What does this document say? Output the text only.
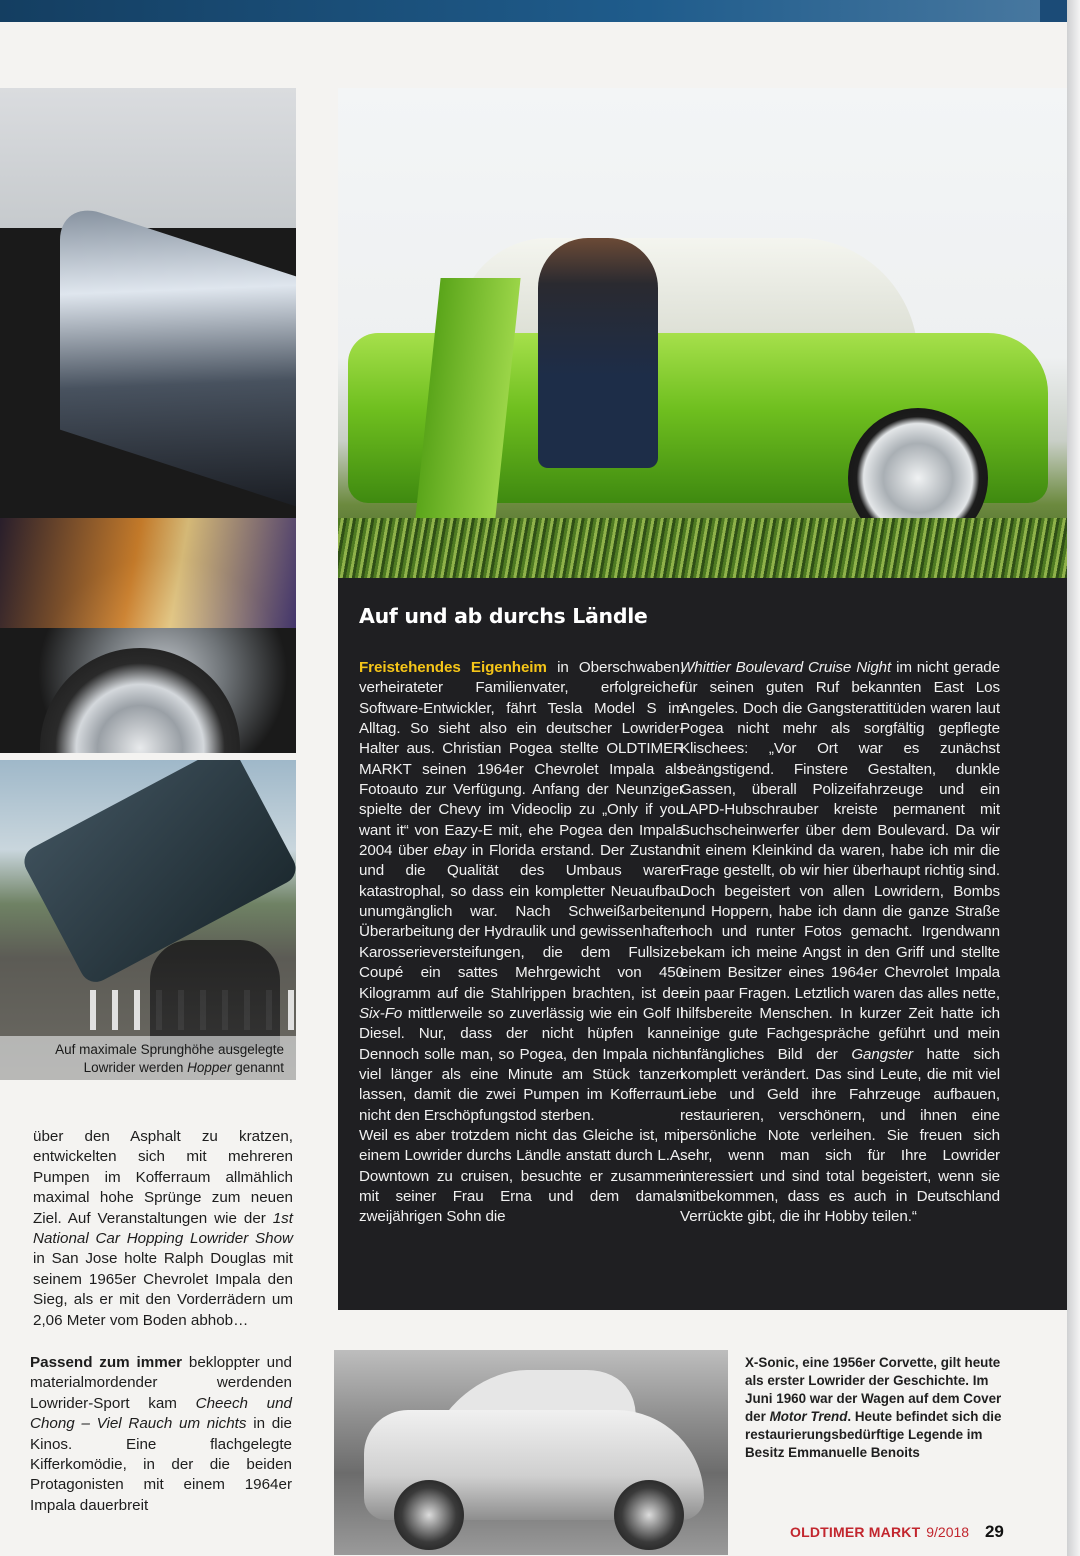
Auf maximale Sprunghöhe ausgelegte Lowrider werden Hopper genannt

Auf und ab durchs Ländle

Freistehendes Eigenheim in Oberschwaben, verheirateter Familienvater, erfolgreicher Software-Entwickler, fährt Tesla Model S im Alltag. So sieht also ein deutscher Lowrider-Halter aus. Christian Pogea stellte OLDTIMER MARKT seinen 1964er Chevrolet Impala als Fotoauto zur Verfügung. Anfang der Neunziger spielte der Chevy im Videoclip zu „Only if you want it“ von Eazy-E mit, ehe Pogea den Impala 2004 über ebay in Florida erstand. Der Zustand und die Qualität des Umbaus waren katastrophal, so dass ein kompletter Neuaufbau unumgänglich war. Nach Schweißarbeiten, Überarbeitung der Hydraulik und gewissenhaften Karosserieversteifungen, die dem Fullsize-Coupé ein sattes Mehrgewicht von 450 Kilogramm auf die Stahlrippen brachten, ist der Six-Fo mittlerweile so zuverlässig wie ein Golf II Diesel. Nur, dass der nicht hüpfen kann. Dennoch solle man, so Pogea, den Impala nicht viel länger als eine Minute am Stück tanzen lassen, damit die zwei Pumpen im Kofferraum nicht den Erschöpfungstod sterben.

Weil es aber trotzdem nicht das Gleiche ist, mit einem Lowrider durchs Ländle anstatt durch L.A. Downtown zu cruisen, besuchte er zusammen mit seiner Frau Erna und dem damals zweijährigen Sohn die

Whittier Boulevard Cruise Night im nicht gerade für seinen guten Ruf bekannten East Los Angeles. Doch die Gangsterattitüden waren laut Pogea nicht mehr als sorgfältig gepflegte Klischees: „Vor Ort war es zunächst beängstigend. Finstere Gestalten, dunkle Gassen, überall Polizeifahrzeuge und ein LAPD-Hubschrauber kreiste permanent mit Suchscheinwerfer über dem Boulevard. Da wir mit einem Kleinkind da waren, habe ich mir die Frage gestellt, ob wir hier überhaupt richtig sind. Doch begeistert von allen Lowridern, Bombs und Hoppern, habe ich dann die ganze Straße hoch und runter Fotos gemacht. Irgendwann bekam ich meine Angst in den Griff und stellte einem Besitzer eines 1964er Chevrolet Impala ein paar Fragen. Letztlich waren das alles nette, hilfsbereite Menschen. In kurzer Zeit hatte ich einige gute Fachgespräche geführt und mein anfängliches Bild der Gangster hatte sich komplett verändert. Das sind Leute, die mit viel Liebe und Geld ihre Fahrzeuge aufbauen, restaurieren, verschönern, und ihnen eine persönliche Note verleihen. Sie freuen sich sehr, wenn man sich für Ihre Lowrider interessiert und sind total begeistert, wenn sie mitbekommen, dass es auch in Deutschland Verrückte gibt, die ihr Hobby teilen.“

über den Asphalt zu kratzen, entwickelten sich mit mehreren Pumpen im Kofferraum allmählich maximal hohe Sprünge zum neuen Ziel. Auf Veranstaltungen wie der 1st National Car Hopping Lowrider Show in San Jose holte Ralph Douglas mit seinem 1965er Chevrolet Impala den Sieg, als er mit den Vorderrädern um 2,06 Meter vom Boden abhob…

Passend zum immer bekloppter und materialmordender werdenden Lowrider-Sport kam Cheech und Chong – Viel Rauch um nichts in die Kinos. Eine flachgelegte Kifferkomödie, in der die beiden Protagonisten mit einem 1964er Impala dauerbreit

X-Sonic, eine 1956er Corvette, gilt heute als erster Lowrider der Geschichte. Im Juni 1960 war der Wagen auf dem Cover der Motor Trend. Heute befindet sich die restaurierungsbedürftige Legende im Besitz Emmanuelle Benoits

OLDTIMER MARKT 9/2018 29
